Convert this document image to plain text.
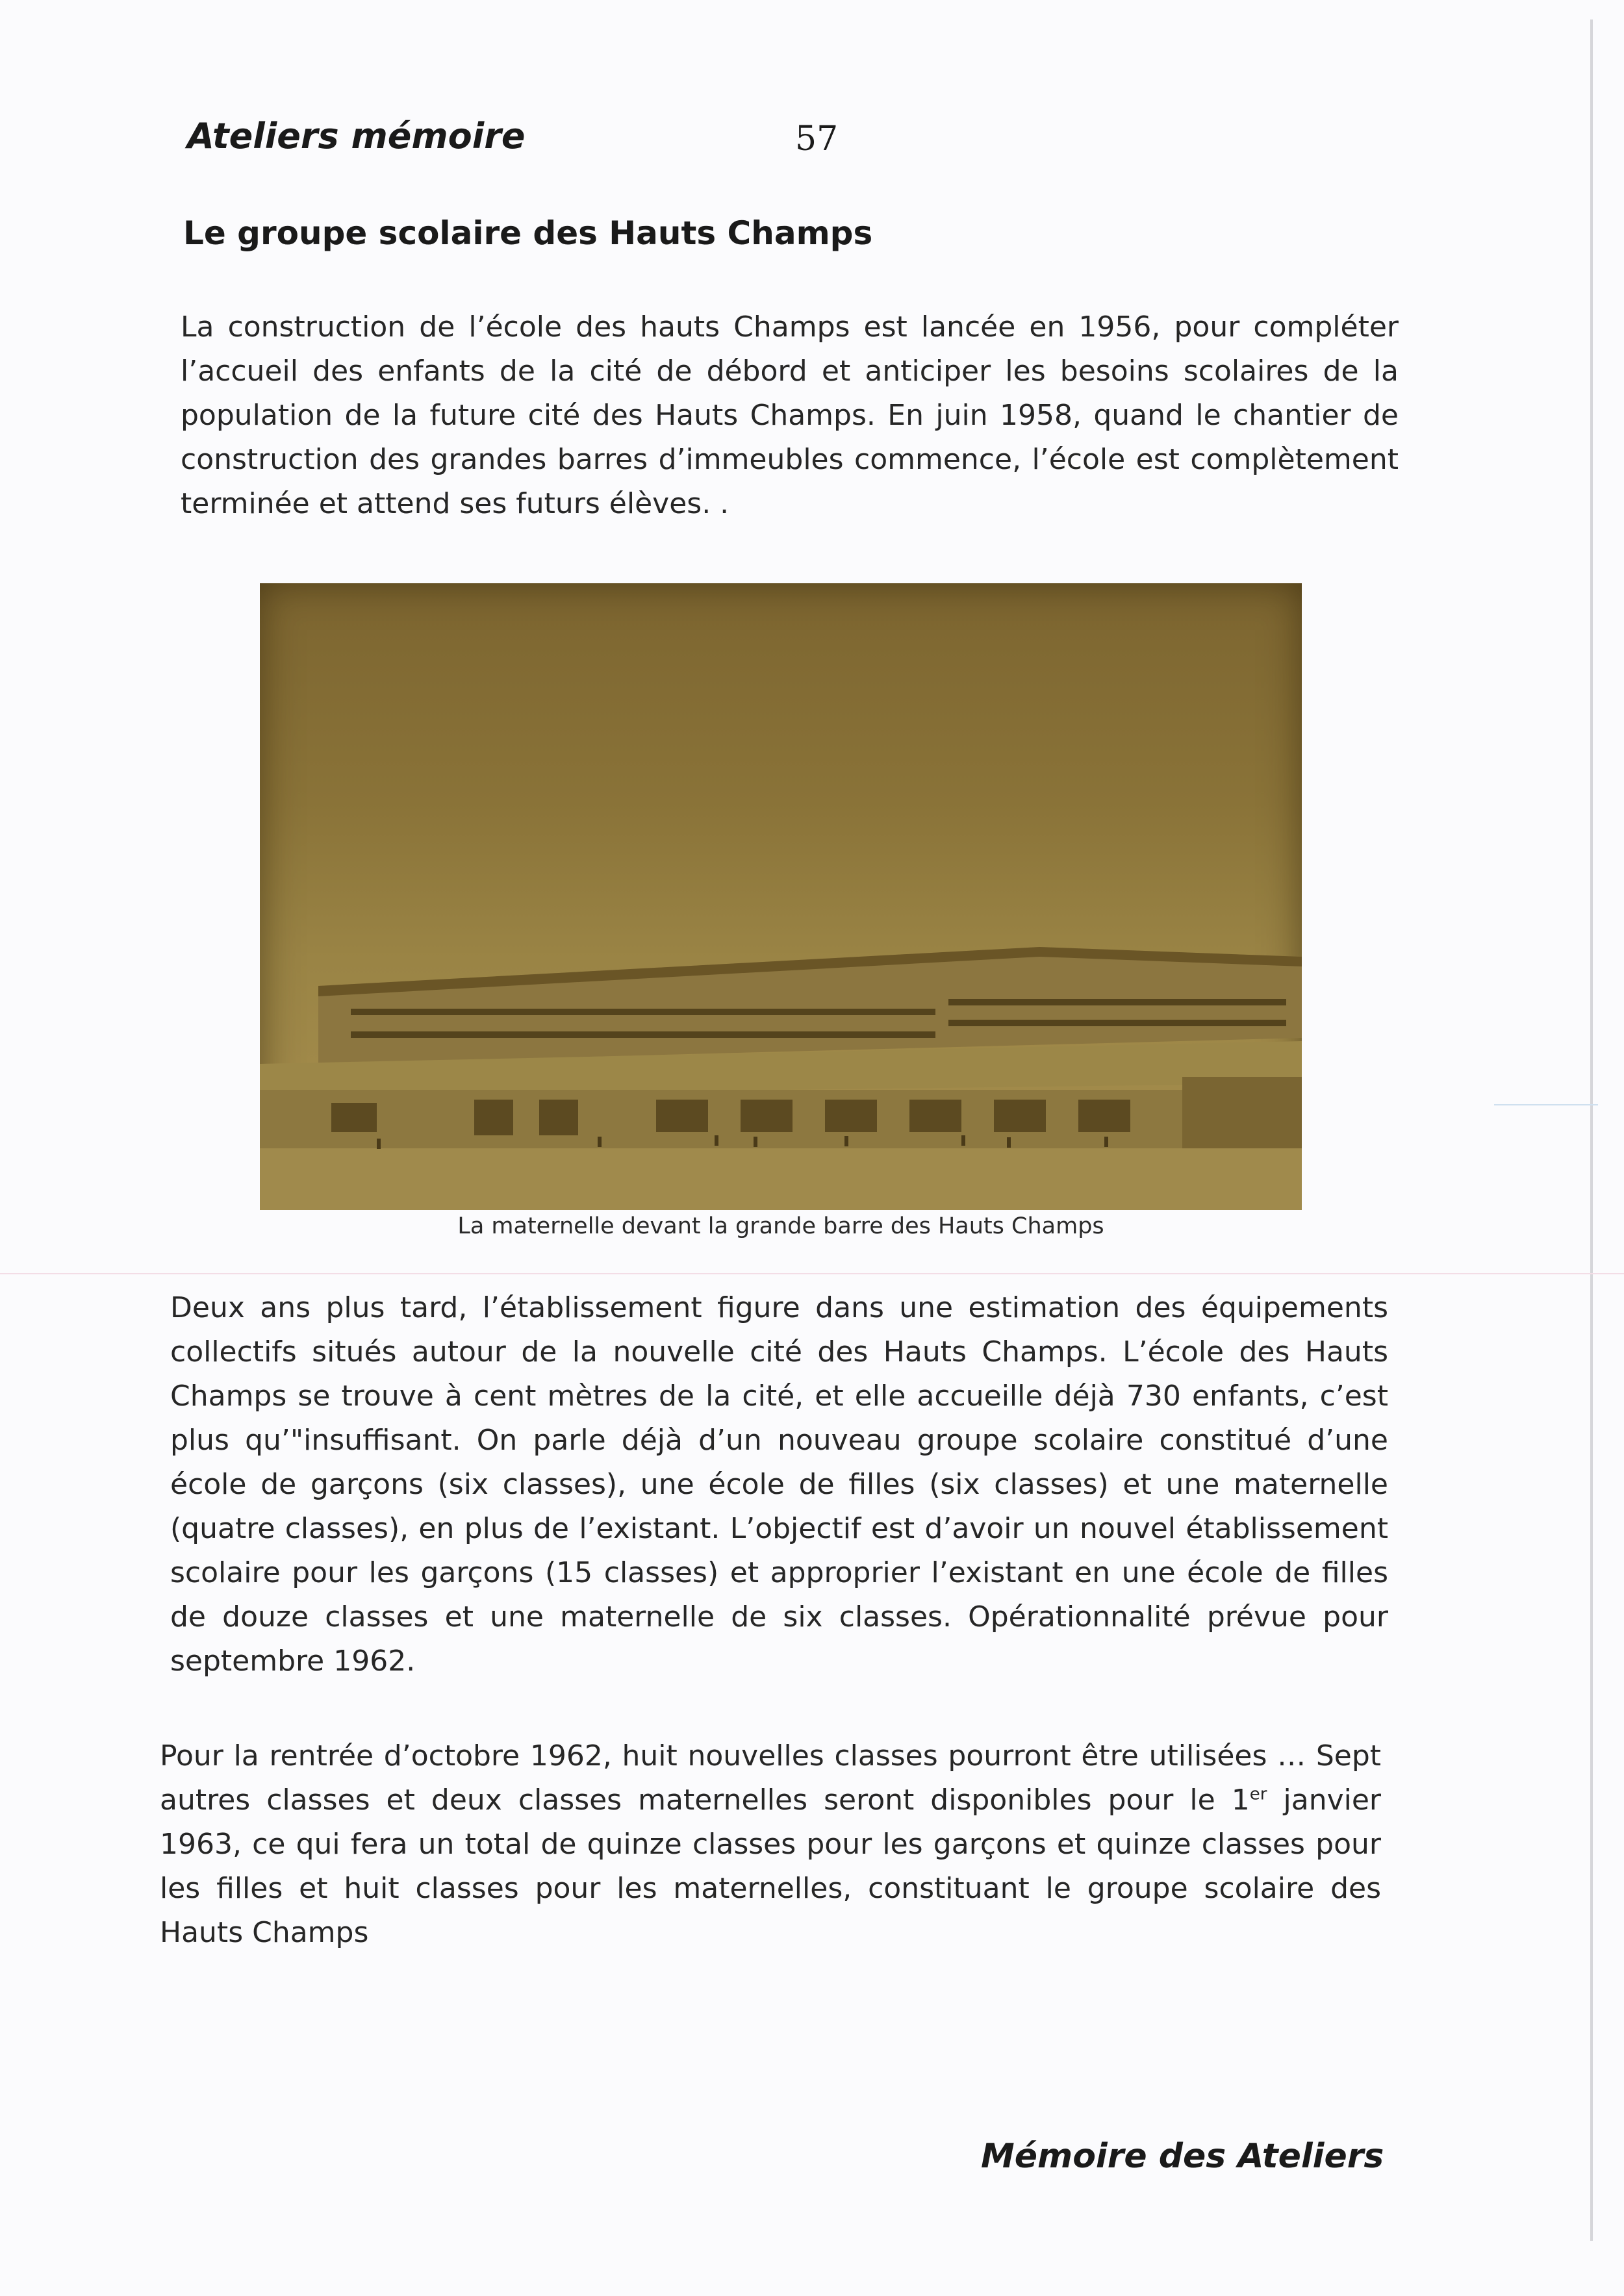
Ateliers mémoire	57
Le groupe scolaire des Hauts Champs

La construction de l’école des hauts Champs est lancée en 1956, pour compléter l’accueil des enfants de la cité de débord et anticiper les besoins scolaires de la population de la future cité des Hauts Champs. En juin 1958, quand le chantier de construction des grandes barres d’immeubles commence, l’école est complètement terminée et attend ses futurs élèves. .

La maternelle devant la grande barre des Hauts Champs

Deux ans plus tard, l’établissement figure dans une estimation des équipements collectifs situés autour de la nouvelle cité des Hauts Champs. L’école des Hauts Champs se trouve à cent mètres de la cité, et elle accueille déjà 730 enfants, c’est plus qu’"insuffisant. On parle déjà d’un nouveau groupe scolaire constitué d’une école de garçons (six classes), une école de filles (six classes) et une maternelle (quatre classes), en plus de l’existant. L’objectif est d’avoir un nouvel établissement scolaire pour les garçons (15 classes) et approprier l’existant en une école de filles de douze classes et une maternelle de six classes. Opérationnalité prévue pour septembre 1962.

Pour la rentrée d’octobre 1962, huit nouvelles classes pourront être utilisées … Sept autres classes et deux classes maternelles seront disponibles pour le 1er janvier 1963, ce qui fera un total de quinze classes pour les garçons et quinze classes pour les filles et huit classes pour les maternelles, constituant le groupe scolaire des Hauts Champs

Mémoire des Ateliers
